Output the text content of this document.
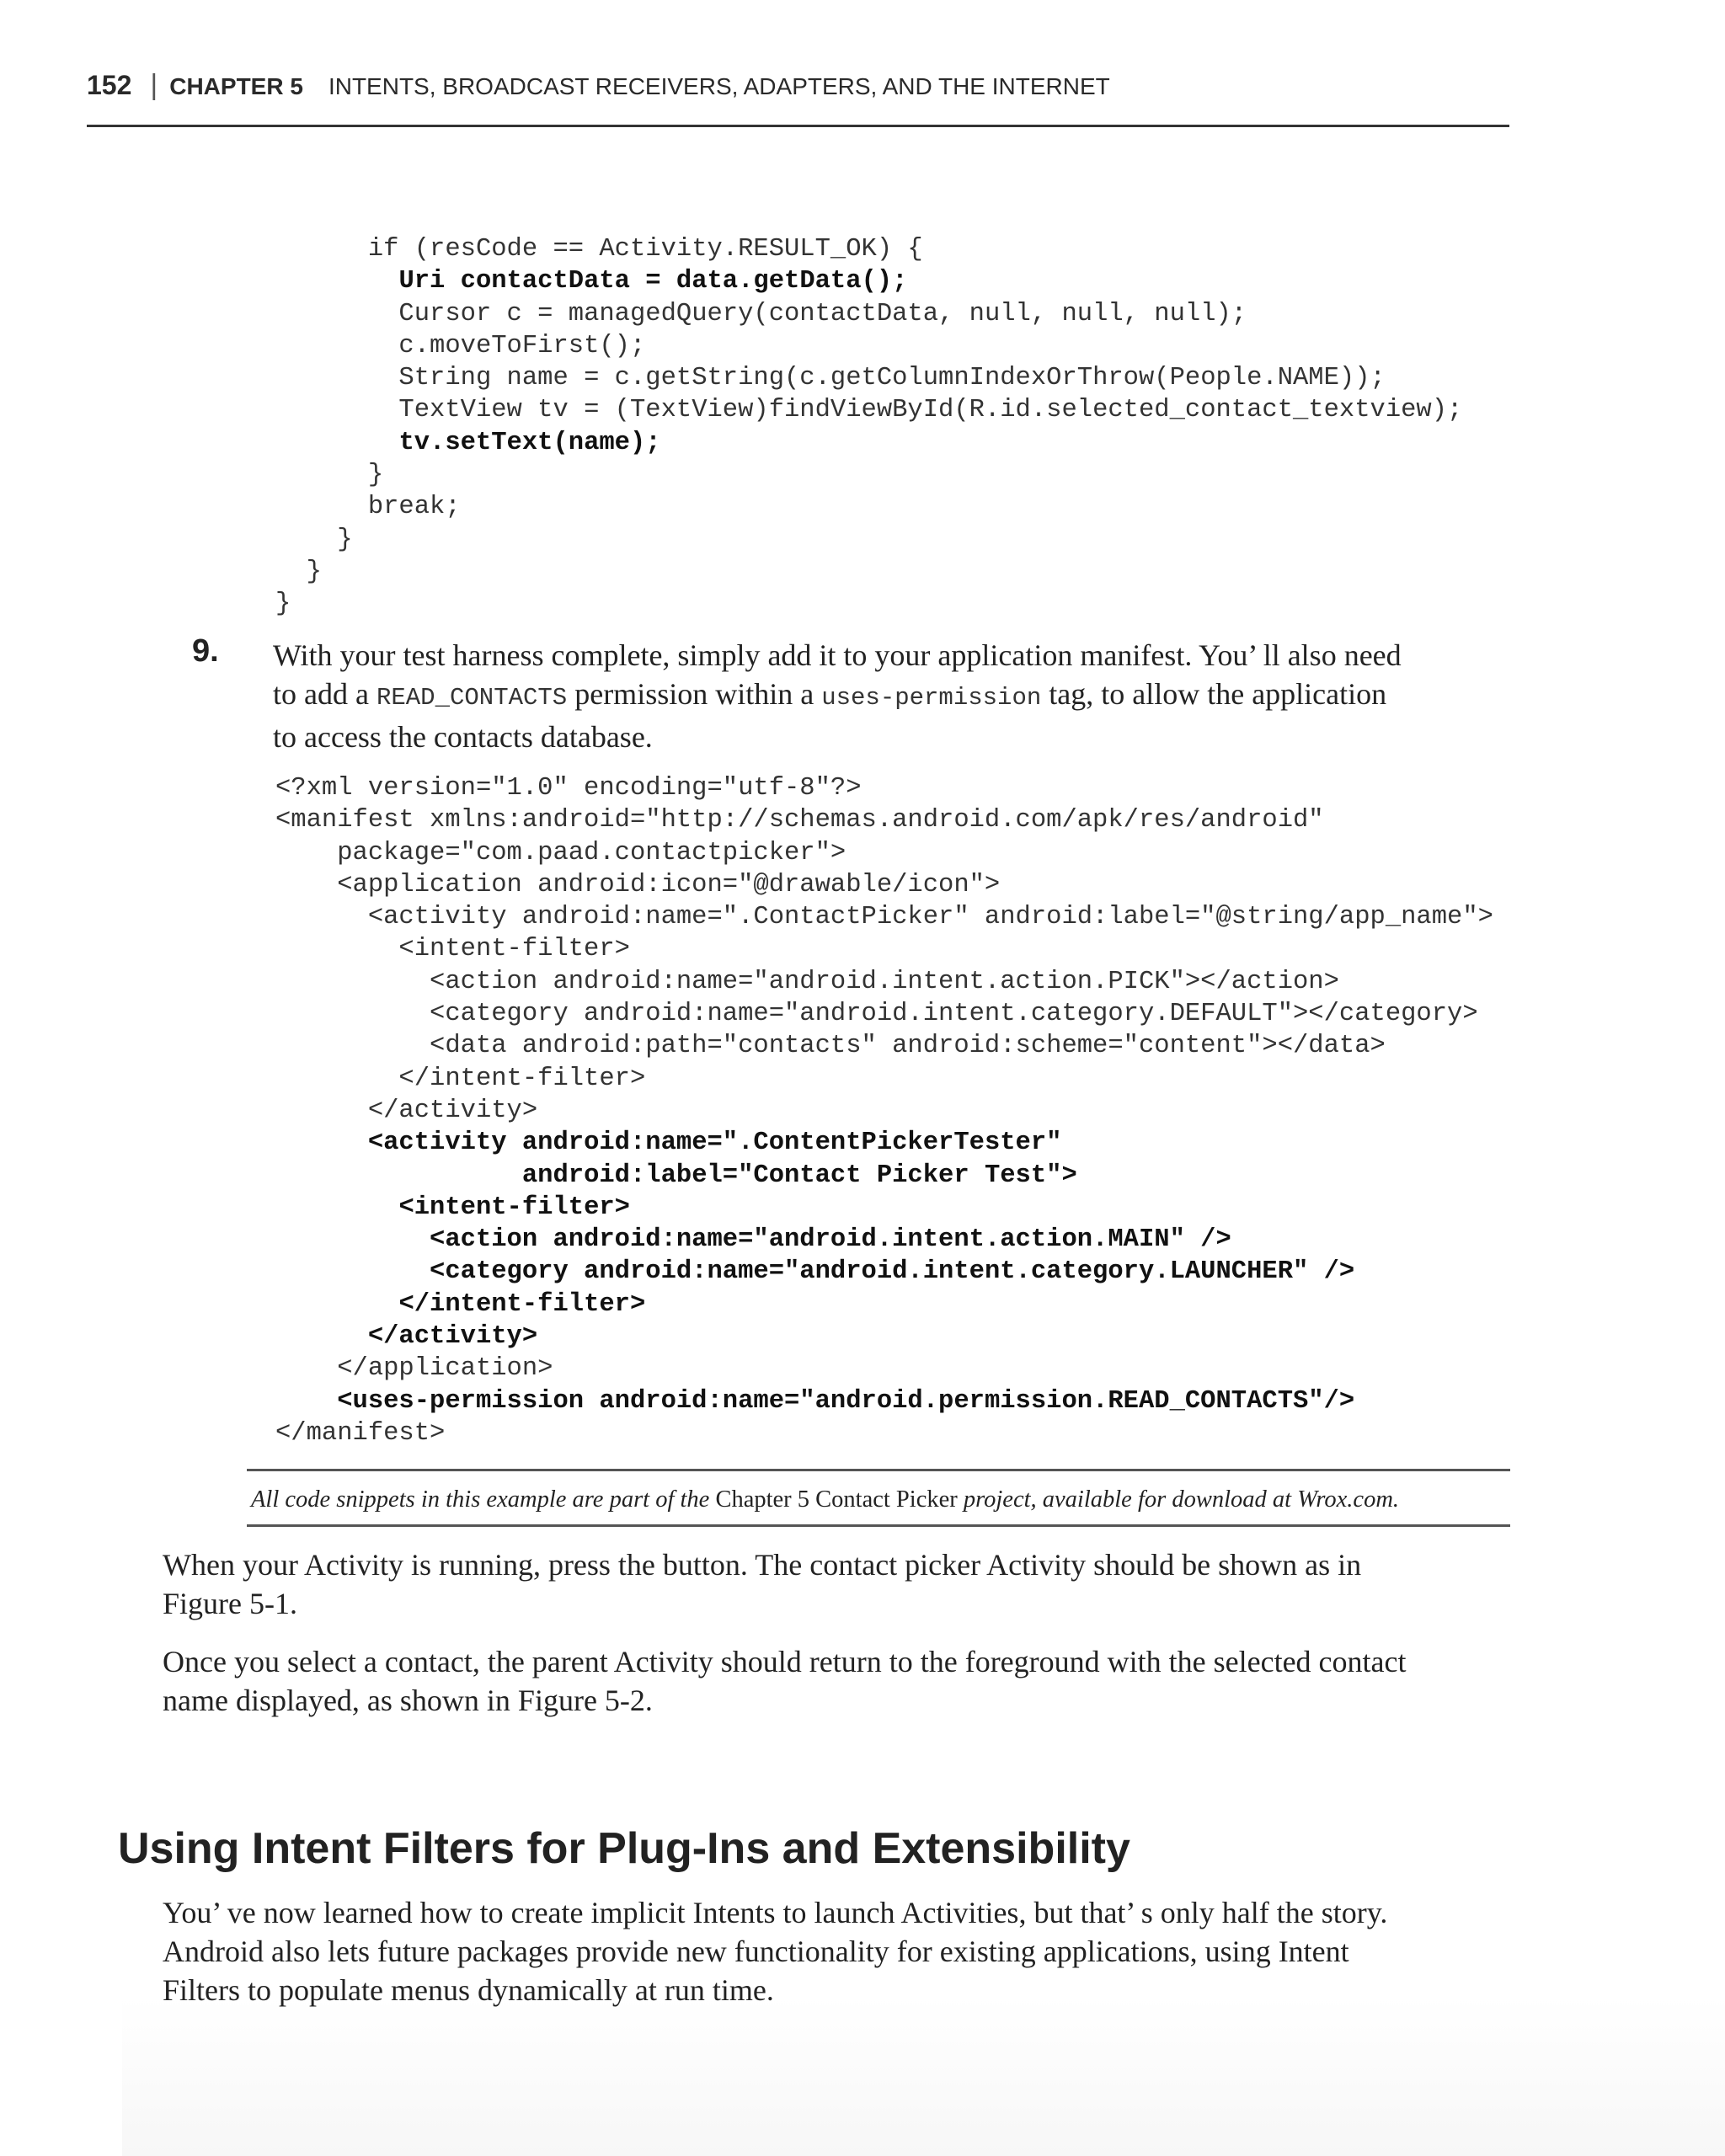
152 | CHAPTER 5 INTENTS, BROADCAST RECEIVERS, ADAPTERS, AND THE INTERNET
if (resCode == Activity.RESULT_OK) {
Uri contactData = data.getData();
Cursor c = managedQuery(contactData, null, null, null);
c.moveToFirst();
String name = c.getString(c.getColumnIndexOrThrow(People.NAME));
TextView tv = (TextView)findViewById(R.id.selected_contact_textview);
tv.setText(name);
}
break;
}
}
}
9. With your test harness complete, simply add it to your application manifest. You’ ll also need
to add a READ_CONTACTS permission within a uses-permission tag, to allow the application
to access the contacts database.
<?xml version="1.0" encoding="utf-8"?>
<manifest xmlns:android="http://schemas.android.com/apk/res/android"
package="com.paad.contactpicker">
<application android:icon="@drawable/icon">
<activity android:name=".ContactPicker" android:label="@string/app_name">
<intent-filter>
<action android:name="android.intent.action.PICK"></action>
<category android:name="android.intent.category.DEFAULT"></category>
<data android:path="contacts" android:scheme="content"></data>
</intent-filter>
</activity>
<activity android:name=".ContentPickerTester"
android:label="Contact Picker Test">
<intent-filter>
<action android:name="android.intent.action.MAIN" />
<category android:name="android.intent.category.LAUNCHER" />
</intent-filter>
</activity>
</application>
<uses-permission android:name="android.permission.READ_CONTACTS"/>
</manifest>

All code snippets in this example are part of the Chapter 5 Contact Picker project, available for download at Wrox.com.

When your Activity is running, press the button. The contact picker Activity should be shown as in
Figure 5-1.
Once you select a contact, the parent Activity should return to the foreground with the selected contact
name displayed, as shown in Figure 5-2.
Using Intent Filters for Plug-Ins and Extensibility
You’ ve now learned how to create implicit Intents to launch Activities, but that’ s only half the story.
Android also lets future packages provide new functionality for existing applications, using Intent
Filters to populate menus dynamically at run time.
